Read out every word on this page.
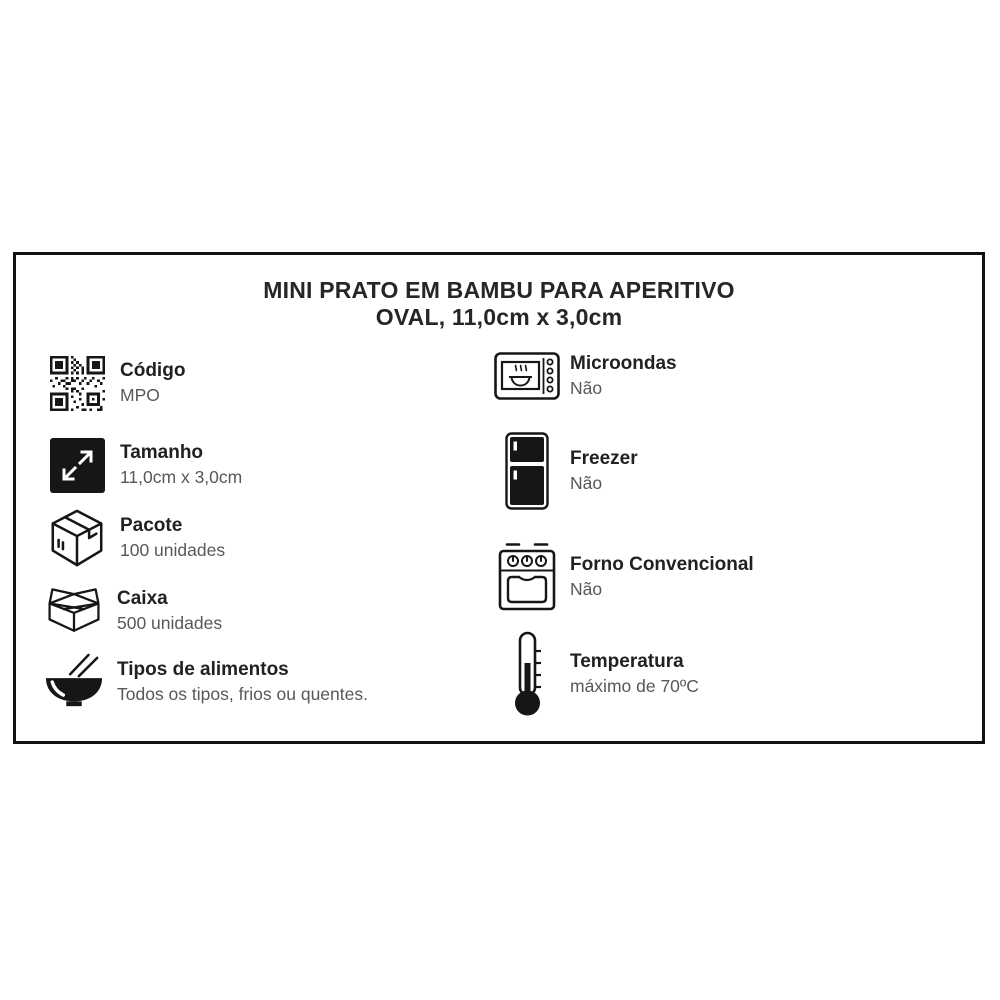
MINI PRATO EM BAMBU PARA APERITIVO
OVAL, 11,0cm x 3,0cm
Código
MPO
Tamanho
11,0cm x 3,0cm
Pacote
100 unidades
Caixa
500 unidades
Tipos de alimentos
Todos os tipos, frios ou quentes.
Microondas
Não
Freezer
Não
Forno Convencional
Não
Temperatura
máximo de 70ºC
